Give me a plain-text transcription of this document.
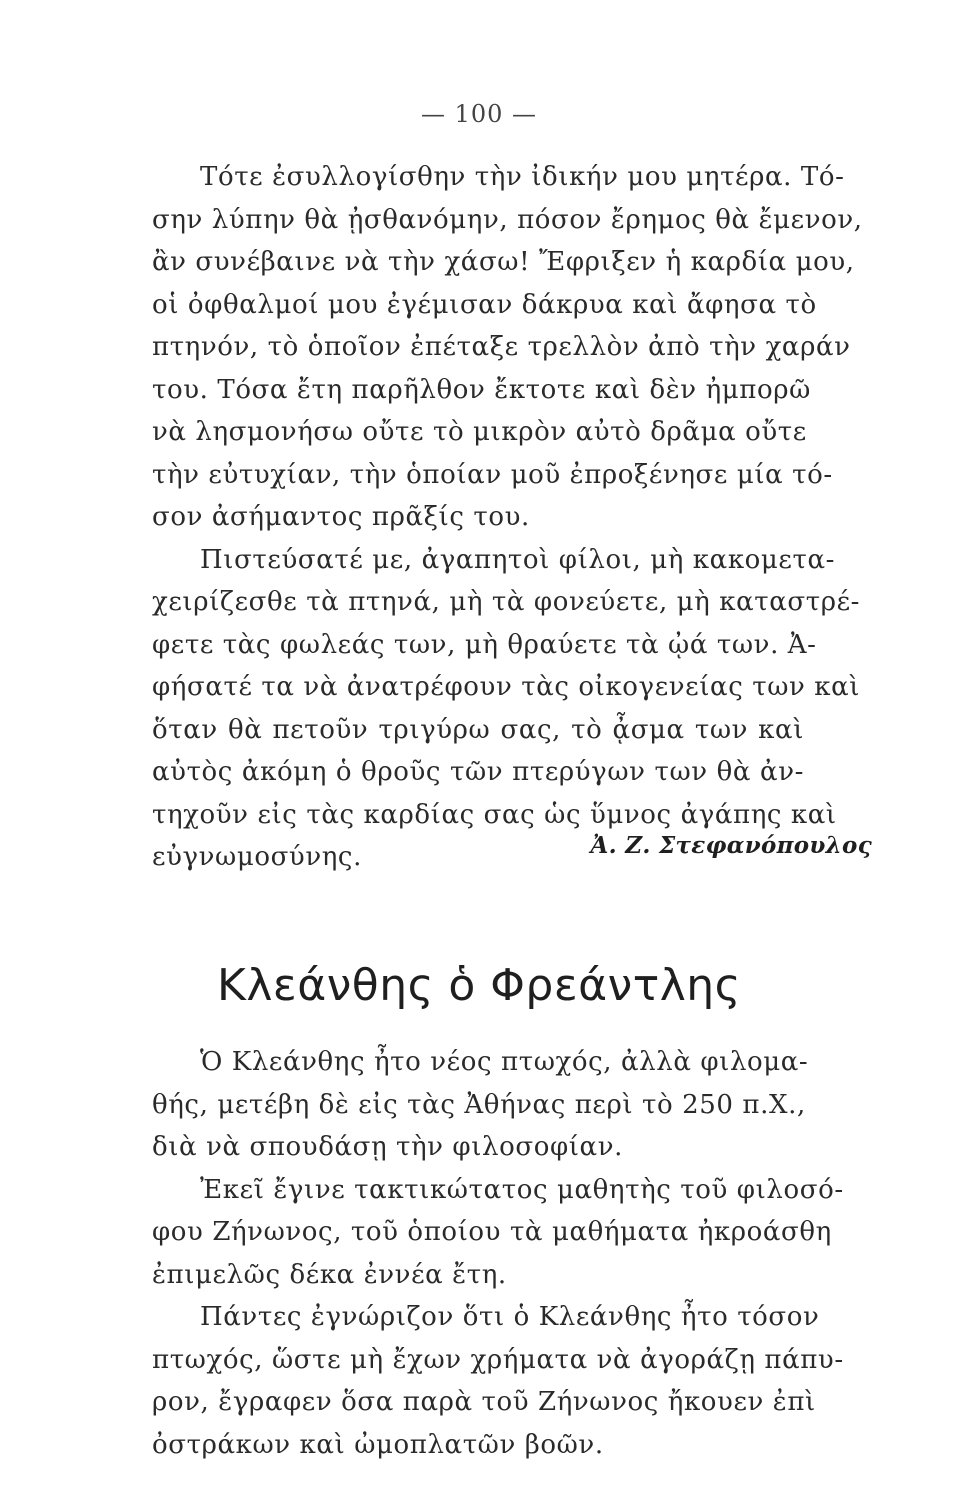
— 100 —
Τότε ἐσυλλογίσθην τὴν ἰδικήν μου μητέρα. Τό-
σην λύπην θὰ ᾐσθανόμην, πόσον ἔρημος θὰ ἔμενον,
ἂν συνέβαινε νὰ τὴν χάσω! Ἔφριξεν ἡ καρδία μου,
οἱ ὀφθαλμοί μου ἐγέμισαν δάκρυα καὶ ἄφησα τὸ
πτηνόν, τὸ ὁποῖον ἐπέταξε τρελλὸν ἀπὸ τὴν χαράν
του. Τόσα ἔτη παρῆλθον ἔκτοτε καὶ δὲν ἠμπορῶ
νὰ λησμονήσω οὔτε τὸ μικρὸν αὐτὸ δρᾶμα οὔτε
τὴν εὐτυχίαν, τὴν ὁποίαν μοῦ ἐπροξένησε μία τό-
σον ἀσήμαντος πρᾶξίς του.
Πιστεύσατέ με, ἀγαπητοὶ φίλοι, μὴ κακομετα-
χειρίζεσθε τὰ πτηνά, μὴ τὰ φονεύετε, μὴ καταστρέ-
φετε τὰς φωλεάς των, μὴ θραύετε τὰ ᾠά των. Ἀ-
φήσατέ τα νὰ ἀνατρέφουν τὰς οἰκογενείας των καὶ
ὅταν θὰ πετοῦν τριγύρω σας, τὸ ᾆσμα των καὶ
αὐτὸς ἀκόμη ὁ θροῦς τῶν πτερύγων των θὰ ἀν-
τηχοῦν εἰς τὰς καρδίας σας ὡς ὕμνος ἀγάπης καὶ
εὐγνωμοσύνης.	Ἀ. Ζ. Στεφανόπουλος
Κλεάνθης ὁ Φρεάντλης
Ὁ Κλεάνθης ἦτο νέος πτωχός, ἀλλὰ φιλομα-
θής, μετέβη δὲ εἰς τὰς Ἀθήνας περὶ τὸ 250 π.Χ.,
διὰ νὰ σπουδάσῃ τὴν φιλοσοφίαν.
Ἐκεῖ ἔγινε τακτικώτατος μαθητὴς τοῦ φιλοσό-
φου Ζήνωνος, τοῦ ὁποίου τὰ μαθήματα ἠκροάσθη
ἐπιμελῶς δέκα ἐννέα ἔτη.
Πάντες ἐγνώριζον ὅτι ὁ Κλεάνθης ἦτο τόσον
πτωχός, ὥστε μὴ ἔχων χρήματα νὰ ἀγοράζῃ πάπυ-
ρον, ἔγραφεν ὅσα παρὰ τοῦ Ζήνωνος ἤκουεν ἐπὶ
ὀστράκων καὶ ὠμοπλατῶν βοῶν.
